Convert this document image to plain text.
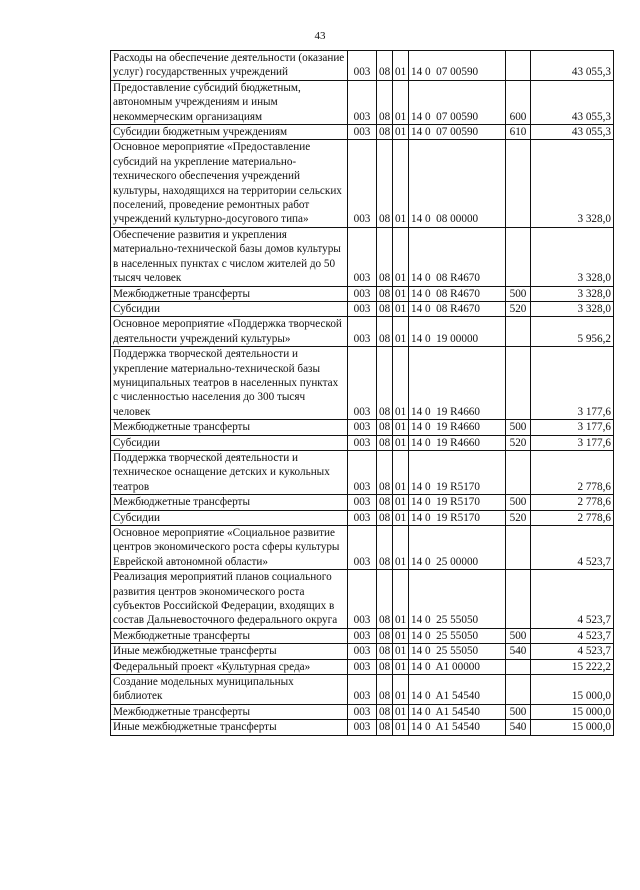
43
Расходы на обеспечение деятельности (оказание услуг) государственных учреждений	003	08	01	14 0  07 00590		43 055,3
Предоставление субсидий бюджетным, автономным учреждениям и иным некоммерческим организациям	003	08	01	14 0  07 00590	600	43 055,3
Субсидии бюджетным учреждениям	003	08	01	14 0  07 00590	610	43 055,3
Основное мероприятие «Предоставление субсидий на укрепление материально-технического обеспечения учреждений культуры, находящихся на территории сельских поселений, проведение ремонтных работ учреждений культурно-досугового типа»	003	08	01	14 0  08 00000		3 328,0
Обеспечение развития и укрепления материально-технической базы домов культуры в населенных пунктах с числом жителей до 50 тысяч человек	003	08	01	14 0  08 R4670		3 328,0
Межбюджетные трансферты	003	08	01	14 0  08 R4670	500	3 328,0
Субсидии	003	08	01	14 0  08 R4670	520	3 328,0
Основное мероприятие «Поддержка творческой деятельности учреждений культуры»	003	08	01	14 0  19 00000		5 956,2
Поддержка творческой деятельности и укрепление материально-технической базы муниципальных театров в населенных пунктах с численностью населения до 300 тысяч человек	003	08	01	14 0  19 R4660		3 177,6
Межбюджетные трансферты	003	08	01	14 0  19 R4660	500	3 177,6
Субсидии	003	08	01	14 0  19 R4660	520	3 177,6
Поддержка творческой деятельности и техническое оснащение детских и кукольных театров	003	08	01	14 0  19 R5170		2 778,6
Межбюджетные трансферты	003	08	01	14 0  19 R5170	500	2 778,6
Субсидии	003	08	01	14 0  19 R5170	520	2 778,6
Основное мероприятие «Социальное развитие центров экономического роста сферы культуры Еврейской автономной области»	003	08	01	14 0  25 00000		4 523,7
Реализация мероприятий планов социального развития центров экономического роста субъектов Российской Федерации, входящих в состав Дальневосточного федерального округа	003	08	01	14 0  25 55050		4 523,7
Межбюджетные трансферты	003	08	01	14 0  25 55050	500	4 523,7
Иные межбюджетные трансферты	003	08	01	14 0  25 55050	540	4 523,7
Федеральный проект «Культурная среда»	003	08	01	14 0  A1 00000		15 222,2
Создание модельных муниципальных библиотек	003	08	01	14 0  A1 54540		15 000,0
Межбюджетные трансферты	003	08	01	14 0  A1 54540	500	15 000,0
Иные межбюджетные трансферты	003	08	01	14 0  A1 54540	540	15 000,0
